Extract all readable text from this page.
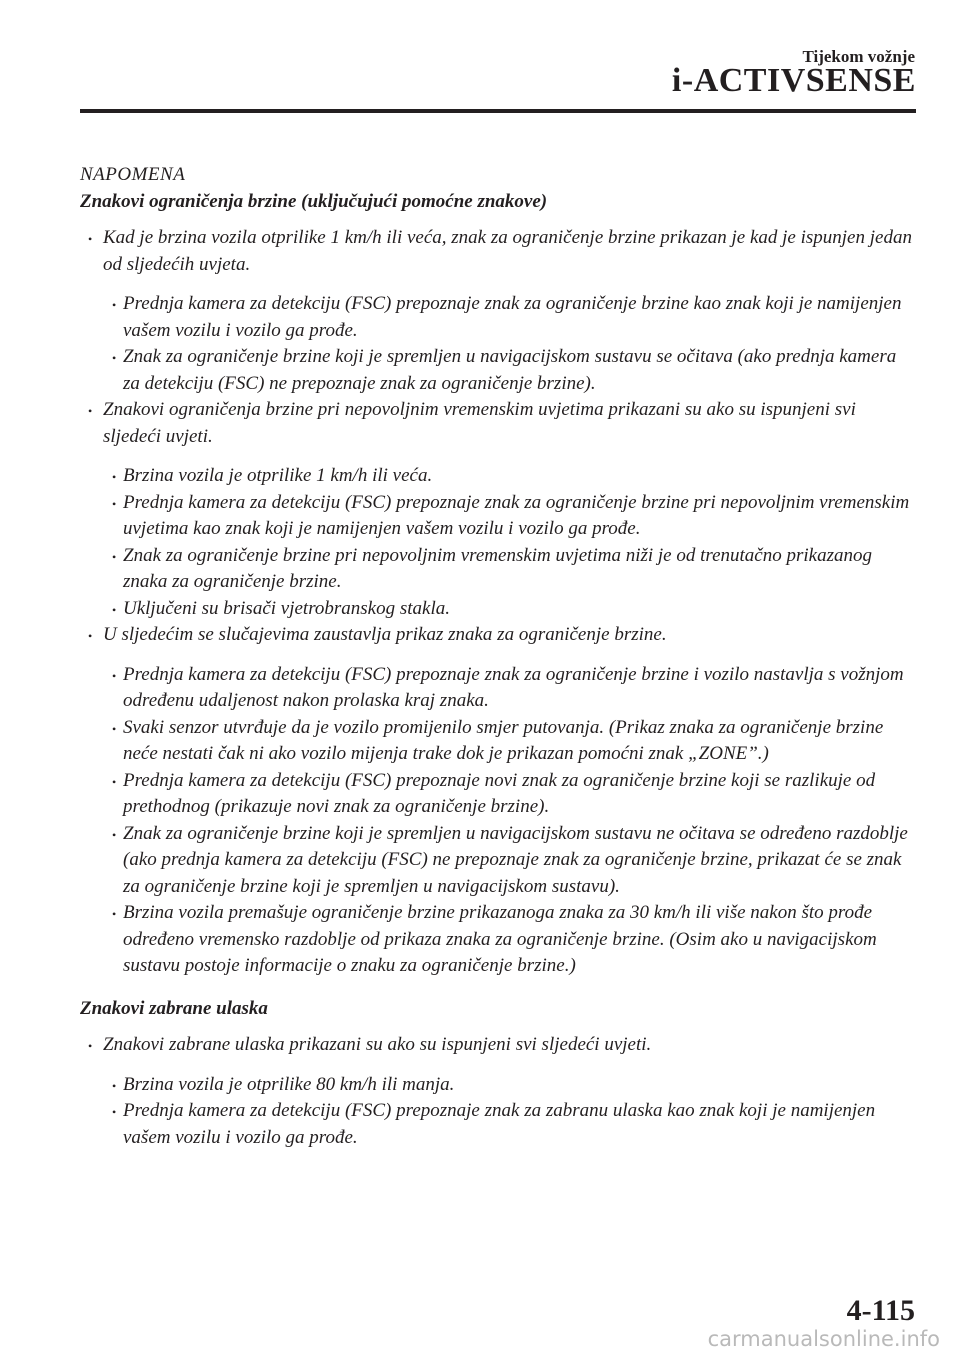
Tijekom vožnje
i-ACTIVSENSE

NAPOMENA

Znakovi ograničenja brzine (uključujući pomoćne znakove)

• Kad je brzina vozila otprilike 1 km/h ili veća, znak za ograničenje brzine prikazan je kad je ispunjen jedan od sljedećih uvjeta.

• Prednja kamera za detekciju (FSC) prepoznaje znak za ograničenje brzine kao znak koji je namijenjen vašem vozilu i vozilo ga prođe.

• Znak za ograničenje brzine koji je spremljen u navigacijskom sustavu se očitava (ako prednja kamera za detekciju (FSC) ne prepoznaje znak za ograničenje brzine).

• Znakovi ograničenja brzine pri nepovoljnim vremenskim uvjetima prikazani su ako su ispunjeni svi sljedeći uvjeti.

• Brzina vozila je otprilike 1 km/h ili veća.

• Prednja kamera za detekciju (FSC) prepoznaje znak za ograničenje brzine pri nepovoljnim vremenskim uvjetima kao znak koji je namijenjen vašem vozilu i vozilo ga prođe.

• Znak za ograničenje brzine pri nepovoljnim vremenskim uvjetima niži je od trenutačno prikazanog znaka za ograničenje brzine.

• Uključeni su brisači vjetrobranskog stakla.

• U sljedećim se slučajevima zaustavlja prikaz znaka za ograničenje brzine.

• Prednja kamera za detekciju (FSC) prepoznaje znak za ograničenje brzine i vozilo nastavlja s vožnjom određenu udaljenost nakon prolaska kraj znaka.

• Svaki senzor utvrđuje da je vozilo promijenilo smjer putovanja. (Prikaz znaka za ograničenje brzine neće nestati čak ni ako vozilo mijenja trake dok je prikazan pomoćni znak „ZONE”.)

• Prednja kamera za detekciju (FSC) prepoznaje novi znak za ograničenje brzine koji se razlikuje od prethodnog (prikazuje novi znak za ograničenje brzine).

• Znak za ograničenje brzine koji je spremljen u navigacijskom sustavu ne očitava se određeno razdoblje (ako prednja kamera za detekciju (FSC) ne prepoznaje znak za ograničenje brzine, prikazat će se znak za ograničenje brzine koji je spremljen u navigacijskom sustavu).

• Brzina vozila premašuje ograničenje brzine prikazanoga znaka za 30 km/h ili više nakon što prođe određeno vremensko razdoblje od prikaza znaka za ograničenje brzine. (Osim ako u navigacijskom sustavu postoje informacije o znaku za ograničenje brzine.)

Znakovi zabrane ulaska

• Znakovi zabrane ulaska prikazani su ako su ispunjeni svi sljedeći uvjeti.

• Brzina vozila je otprilike 80 km/h ili manja.

• Prednja kamera za detekciju (FSC) prepoznaje znak za zabranu ulaska kao znak koji je namijenjen vašem vozilu i vozilo ga prođe.

4-115
carmanualsonline.info
